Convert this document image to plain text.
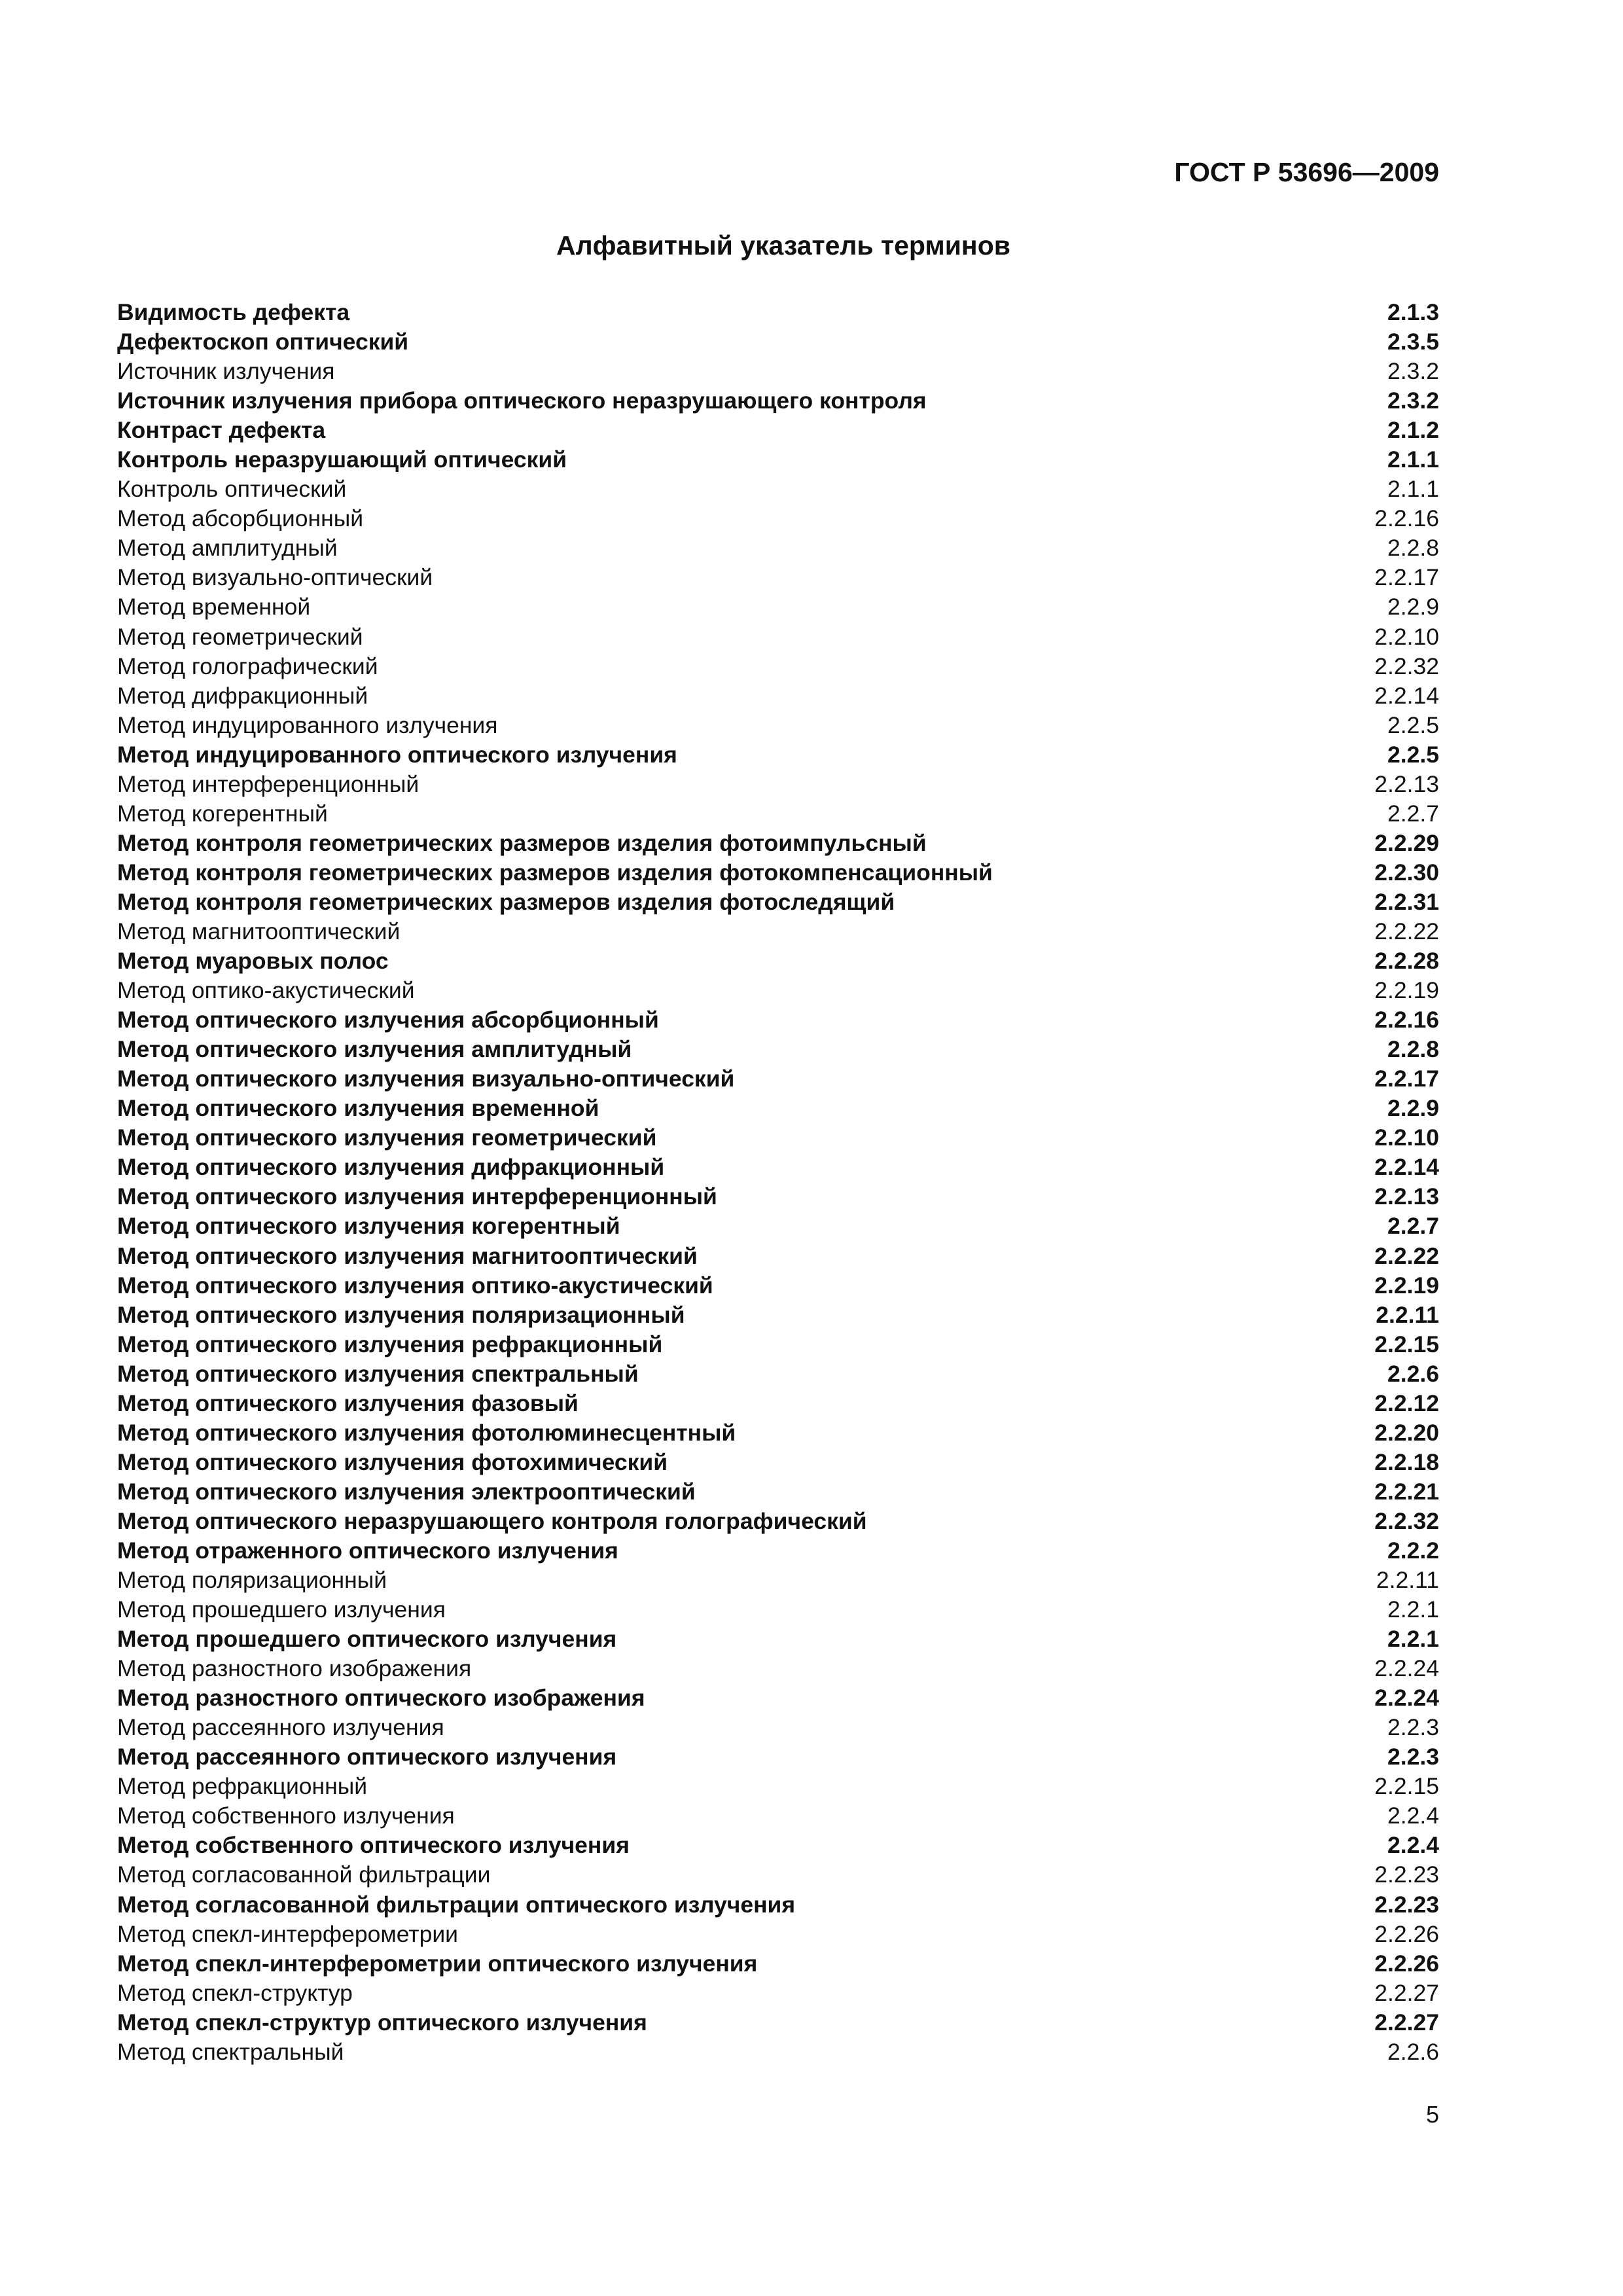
ГОСТ Р 53696—2009
Алфавитный указатель терминов
Видимость дефекта	2.1.3
Дефектоскоп оптический	2.3.5
Источник излучения	2.3.2
Источник излучения прибора оптического неразрушающего контроля	2.3.2
Контраст дефекта	2.1.2
Контроль неразрушающий оптический	2.1.1
Контроль оптический	2.1.1
Метод абсорбционный	2.2.16
Метод амплитудный	2.2.8
Метод визуально-оптический	2.2.17
Метод временной	2.2.9
Метод геометрический	2.2.10
Метод голографический	2.2.32
Метод дифракционный	2.2.14
Метод индуцированного излучения	2.2.5
Метод индуцированного оптического излучения	2.2.5
Метод интерференционный	2.2.13
Метод когерентный	2.2.7
Метод контроля геометрических размеров изделия фотоимпульсный	2.2.29
Метод контроля геометрических размеров изделия фотокомпенсационный	2.2.30
Метод контроля геометрических размеров изделия фотоследящий	2.2.31
Метод магнитооптический	2.2.22
Метод муаровых полос	2.2.28
Метод оптико-акустический	2.2.19
Метод оптического излучения абсорбционный	2.2.16
Метод оптического излучения амплитудный	2.2.8
Метод оптического излучения визуально-оптический	2.2.17
Метод оптического излучения временной	2.2.9
Метод оптического излучения геометрический	2.2.10
Метод оптического излучения дифракционный	2.2.14
Метод оптического излучения интерференционный	2.2.13
Метод оптического излучения когерентный	2.2.7
Метод оптического излучения магнитооптический	2.2.22
Метод оптического излучения оптико-акустический	2.2.19
Метод оптического излучения поляризационный	2.2.11
Метод оптического излучения рефракционный	2.2.15
Метод оптического излучения спектральный	2.2.6
Метод оптического излучения фазовый	2.2.12
Метод оптического излучения фотолюминесцентный	2.2.20
Метод оптического излучения фотохимический	2.2.18
Метод оптического излучения электрооптический	2.2.21
Метод оптического неразрушающего контроля голографический	2.2.32
Метод отраженного оптического излучения	2.2.2
Метод поляризационный	2.2.11
Метод прошедшего излучения	2.2.1
Метод прошедшего оптического излучения	2.2.1
Метод разностного изображения	2.2.24
Метод разностного оптического изображения	2.2.24
Метод рассеянного излучения	2.2.3
Метод рассеянного оптического излучения	2.2.3
Метод рефракционный	2.2.15
Метод собственного излучения	2.2.4
Метод собственного оптического излучения	2.2.4
Метод согласованной фильтрации	2.2.23
Метод согласованной фильтрации оптического излучения	2.2.23
Метод спекл-интерферометрии	2.2.26
Метод спекл-интерферометрии оптического излучения	2.2.26
Метод спекл-структур	2.2.27
Метод спекл-структур оптического излучения	2.2.27
Метод спектральный	2.2.6
5
